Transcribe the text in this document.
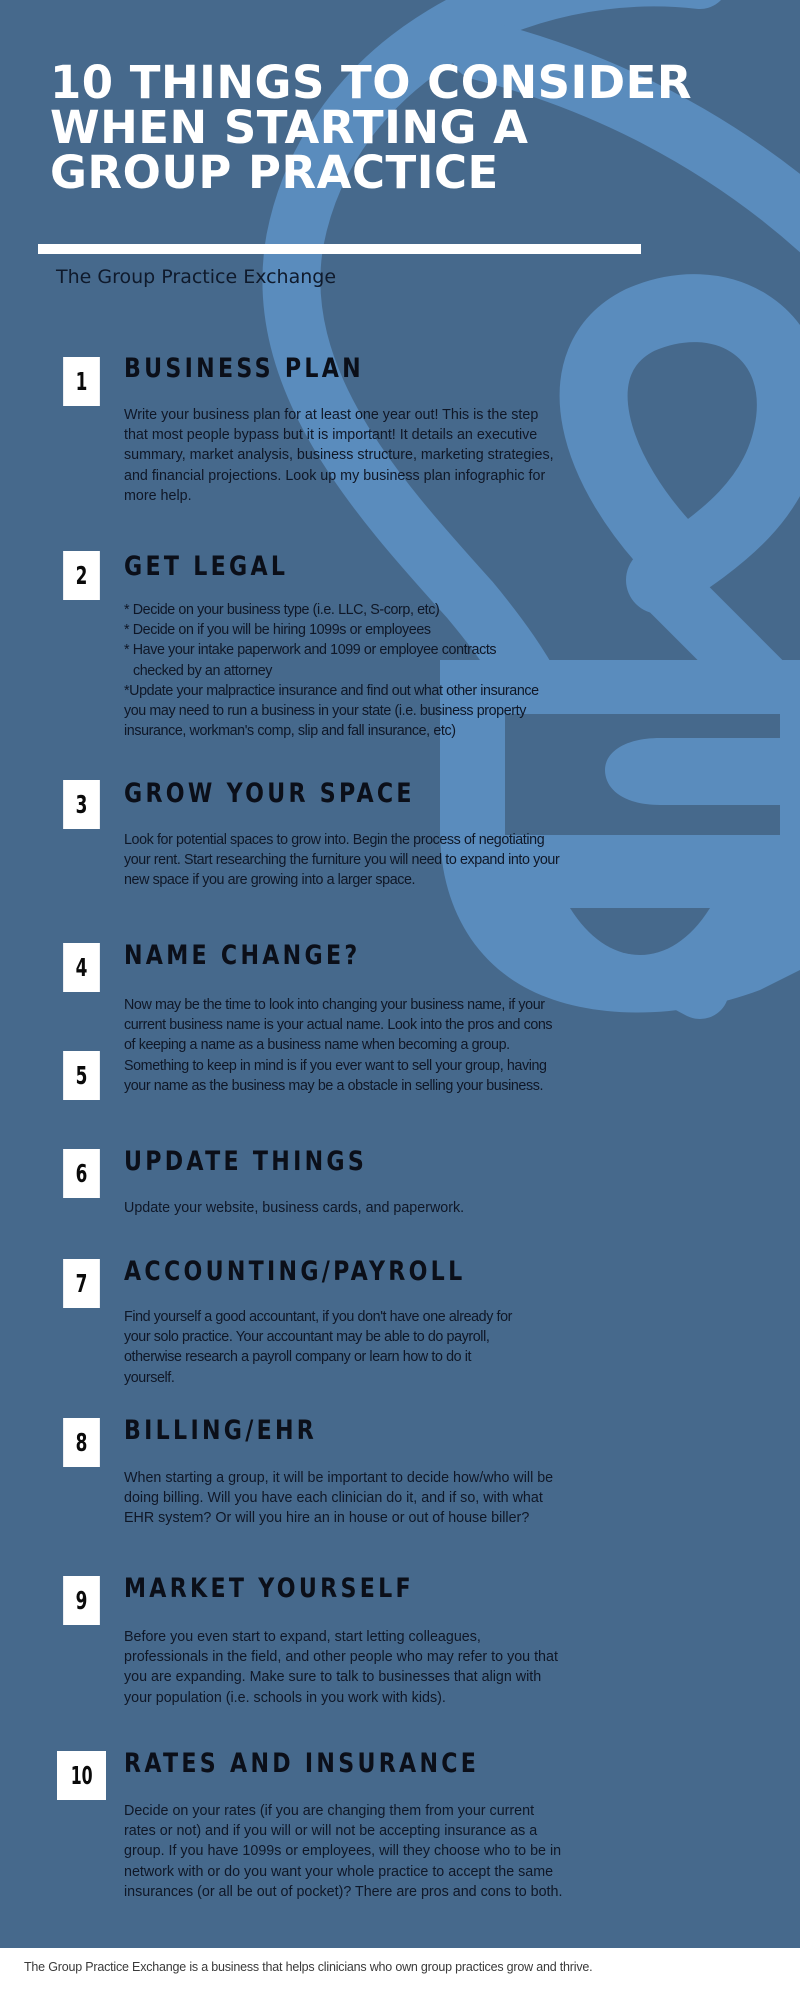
10 THINGS TO CONSIDER
WHEN STARTING A
GROUP PRACTICE
The Group Practice Exchange
1	BUSINESS PLAN
Write your business plan for at least one year out! This is the step that most people bypass but it is important! It details an executive summary, market analysis, business structure, marketing strategies, and financial projections. Look up my business plan infographic for more help.
2	GET LEGAL

* Decide on your business type (i.e. LLC, S-corp, etc)

* Decide on if you will be hiring 1099s or employees

* Have your intake paperwork and 1099 or employee contracts

checked by an attorney

*Update your malpractice insurance and find out what other insurance you may need to run a business in your state (i.e. business property insurance, workman's comp, slip and fall insurance, etc)

3	GROW YOUR SPACE
Look for potential spaces to grow into. Begin the process of negotiating your rent. Start researching the furniture you will need to expand into your new space if you are growing into a larger space.
4	NAME CHANGE?
Now may be the time to look into changing your business name, if your current business name is your actual name. Look into the pros and cons of keeping a name as a business name when becoming a group. Something to keep in mind is if you ever want to sell your group, having your name as the business may be a obstacle in selling your business.
5
6	UPDATE THINGS
Update your website, business cards, and paperwork.
7	ACCOUNTING/PAYROLL
Find yourself a good accountant, if you don't have one already for your solo practice. Your accountant may be able to do payroll, otherwise research a payroll company or learn how to do it yourself.
8	BILLING/EHR
When starting a group, it will be important to decide how/who will be doing billing. Will you have each clinician do it, and if so, with what EHR system? Or will you hire an in house or out of house biller?
9	MARKET YOURSELF
Before you even start to expand, start letting colleagues, professionals in the field, and other people who may refer to you that you are expanding. Make sure to talk to businesses that align with your population (i.e. schools in you work with kids).
10 RATES AND INSURANCE
Decide on your rates (if you are changing them from your current rates or not) and if you will or will not be accepting insurance as a group. If you have 1099s or employees, will they choose who to be in network with or do you want your whole practice to accept the same insurances (or all be out of pocket)? There are pros and cons to both.
The Group Practice Exchange is a business that helps clinicians who own group practices grow and thrive.
